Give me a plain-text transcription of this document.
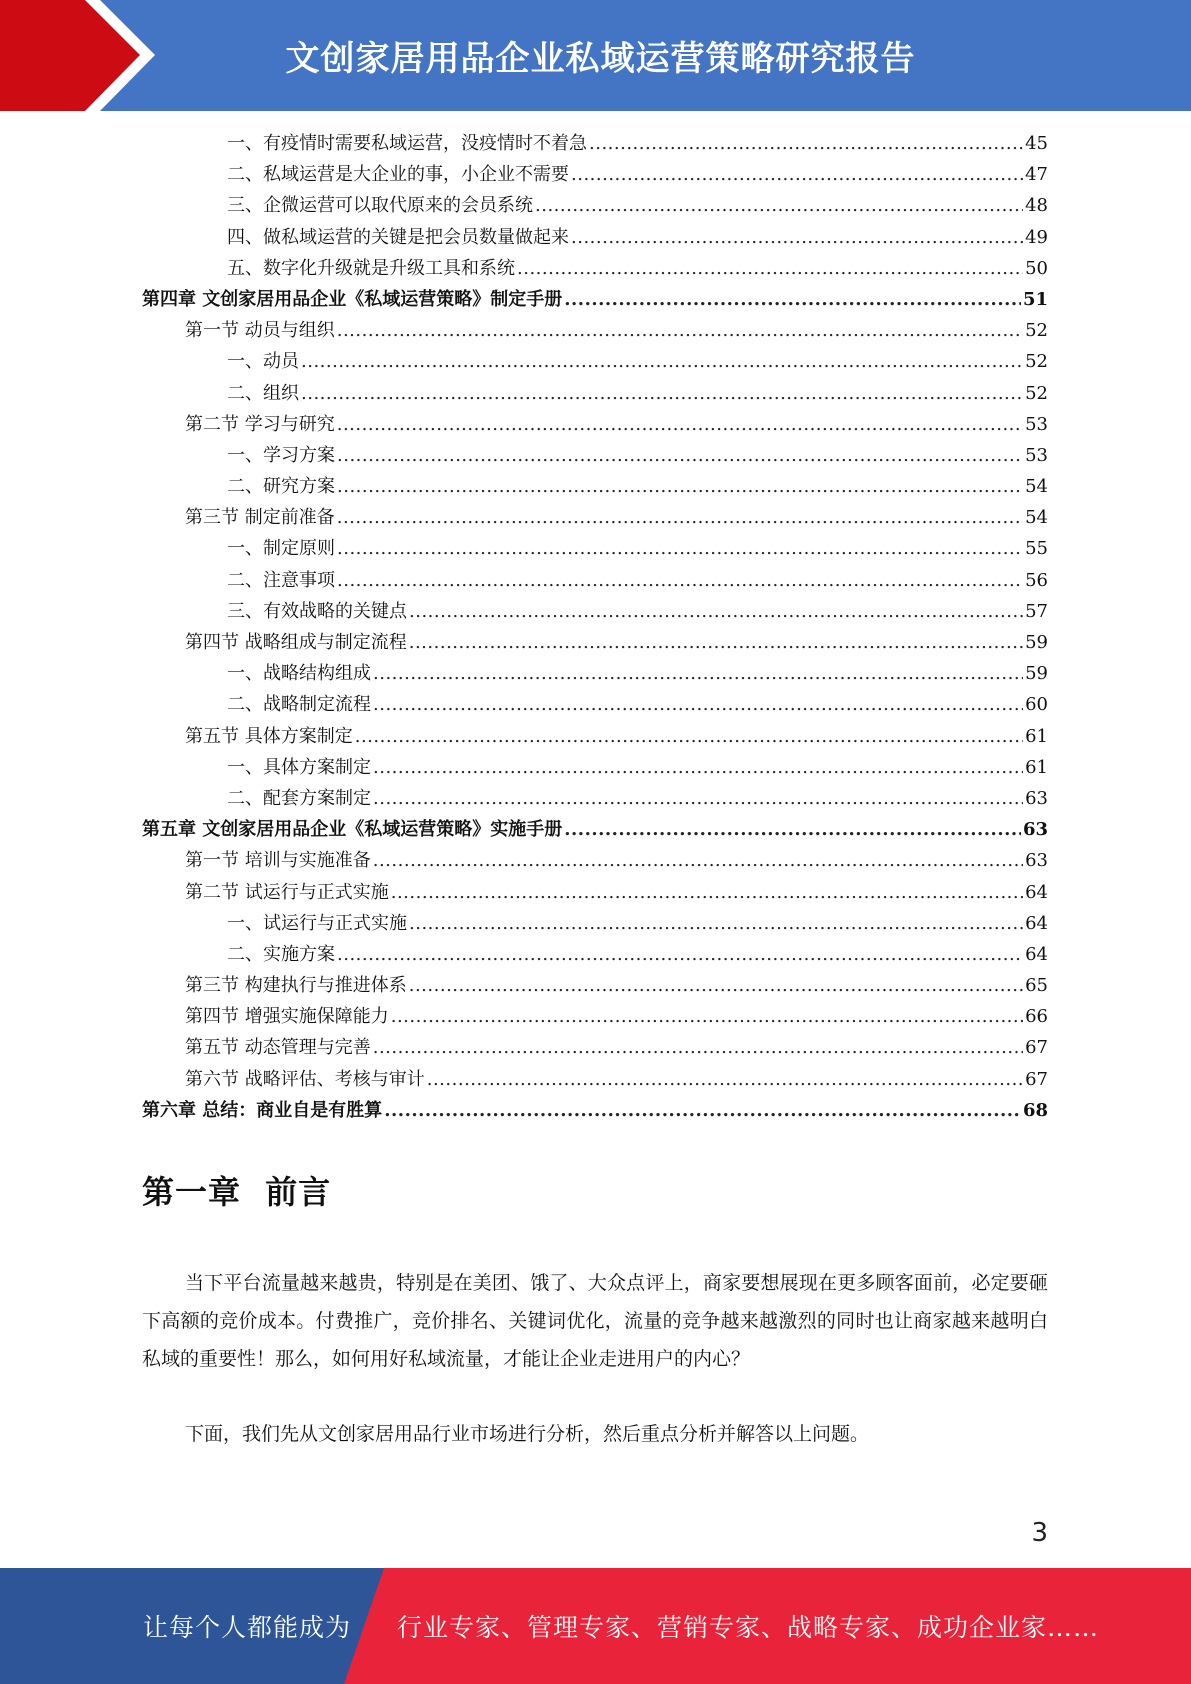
文创家居用品企业私域运营策略研究报告
一、有疫情时需要私域运营，没疫情时不着急 .....	45
二、私域运营是大企业的事，小企业不需要 .....	47
三、企微运营可以取代原来的会员系统 .....	48
四、做私域运营的关键是把会员数量做起来 .....	49
五、数字化升级就是升级工具和系统 .....	50
第四章 文创家居用品企业《私域运营策略》制定手册 .....	51
第一节 动员与组织 .....	52
一、动员 .....	52
二、组织 .....	52
第二节 学习与研究 .....	53
一、学习方案 .....	53
二、研究方案 .....	54
第三节 制定前准备 .....	54
一、制定原则 .....	55
二、注意事项 .....	56
三、有效战略的关键点 .....	57
第四节 战略组成与制定流程 .....	59
一、战略结构组成 .....	59
二、战略制定流程 .....	60
第五节 具体方案制定 .....	61
一、具体方案制定 .....	61
二、配套方案制定 .....	63
第五章 文创家居用品企业《私域运营策略》实施手册 .....	63
第一节 培训与实施准备 .....	63
第二节 试运行与正式实施 .....	64
一、试运行与正式实施 .....	64
二、实施方案 .....	64
第三节 构建执行与推进体系 .....	65
第四节 增强实施保障能力 .....	66
第五节 动态管理与完善 .....	67
第六节 战略评估、考核与审计 .....	67
第六章 总结：商业自是有胜算 .....	68
第一章  前言
当下平台流量越来越贵，特别是在美团、饿了、大众点评上，商家要想展现在更多顾客面前，必定要砸下高额的竞价成本。付费推广，竞价排名、关键词优化，流量的竞争越来越激烈的同时也让商家越来越明白私域的重要性！那么，如何用好私域流量，才能让企业走进用户的内心？
下面，我们先从文创家居用品行业市场进行分析，然后重点分析并解答以上问题。
3
让每个人都能成为 行业专家、管理专家、营销专家、战略专家、成功企业家……
